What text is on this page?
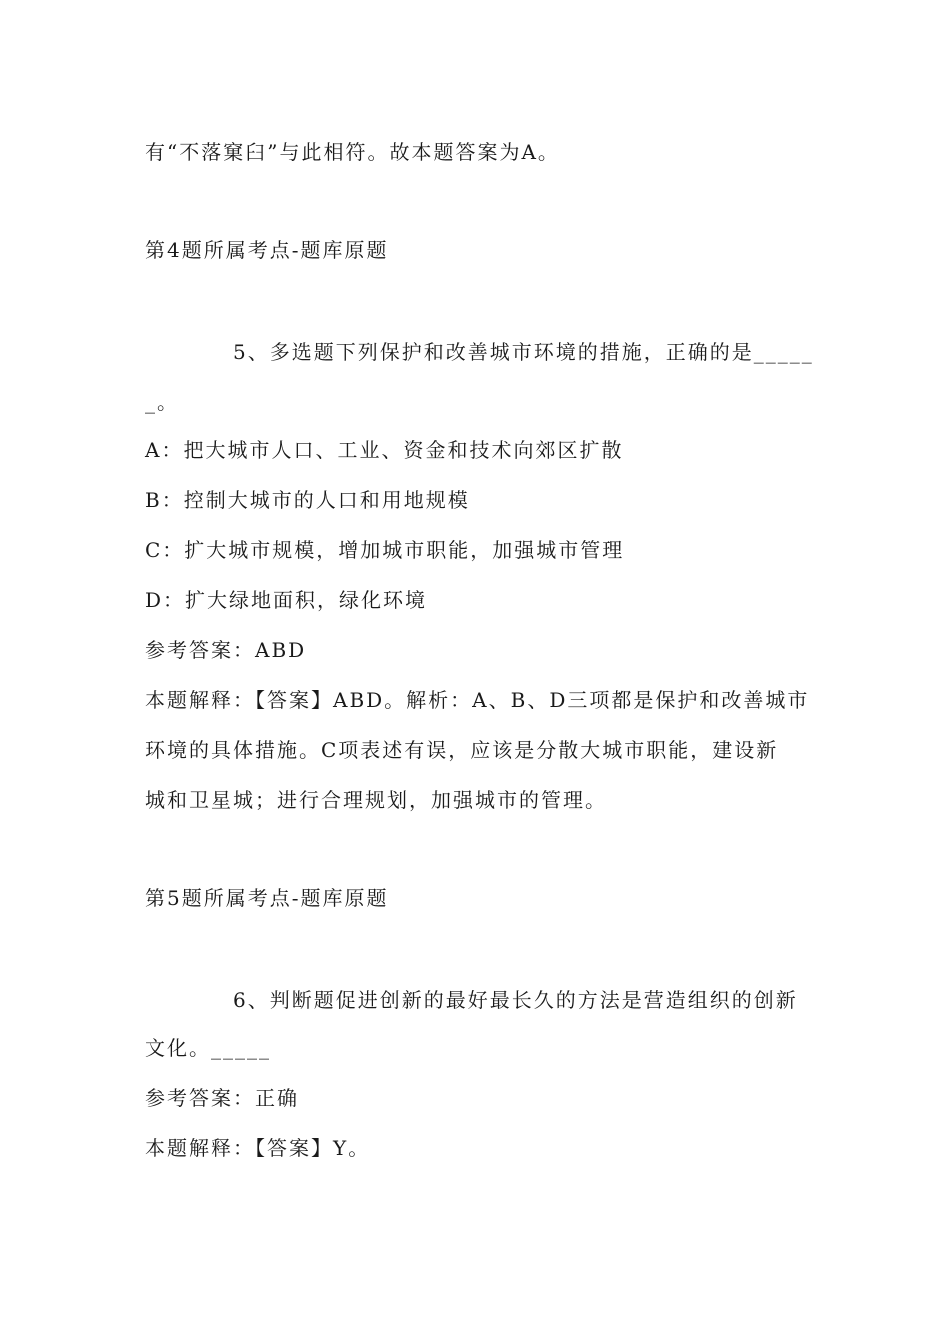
有“不落窠臼”与此相符。故本题答案为A。
第4题所属考点-题库原题
5、多选题下列保护和改善城市环境的措施，正确的是_____
_。
A：把大城市人口、工业、资金和技术向郊区扩散
B：控制大城市的人口和用地规模
C：扩大城市规模，增加城市职能，加强城市管理
D：扩大绿地面积，绿化环境
参考答案：ABD
本题解释：【答案】ABD。解析：A、B、D三项都是保护和改善城市
环境的具体措施。C项表述有误，应该是分散大城市职能，建设新
城和卫星城；进行合理规划，加强城市的管理。
第5题所属考点-题库原题
6、判断题促进创新的最好最长久的方法是营造组织的创新
文化。_____
参考答案：正确
本题解释：【答案】Y。
